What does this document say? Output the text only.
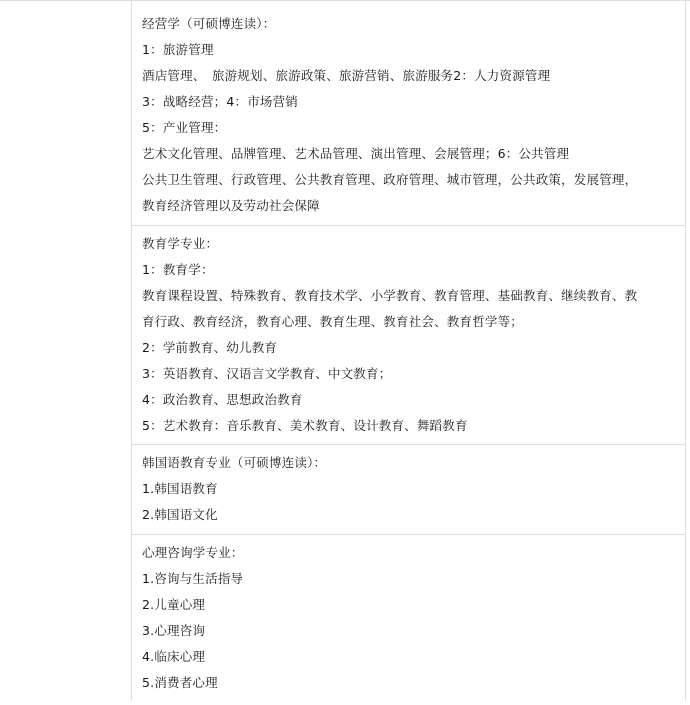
经营学（可硕博连读）：
1：旅游管理
酒店管理、　旅游规划、旅游政策、旅游营销、旅游服务2：人力资源管理
3：战略经营；4：市场营销
5：产业管理：
艺术文化管理、品牌管理、艺术品管理、演出管理、会展管理；6：公共管理
公共卫生管理、行政管理、公共教育管理、政府管理、城市管理，公共政策，发展管理，
教育经济管理以及劳动社会保障
教育学专业：
1：教育学：
教育课程设置、特殊教育、教育技术学、小学教育、教育管理、基础教育、继续教育、教
育行政、教育经济，教育心理、教育生理、教育社会、教育哲学等；
2：学前教育、幼儿教育
3：英语教育、汉语言文学教育、中文教育；
4：政治教育、思想政治教育
5：艺术教育：音乐教育、美术教育、设计教育、舞蹈教育
韩国语教育专业（可硕博连读）：
1.韩国语教育
2.韩国语文化
心理咨询学专业：
1.咨询与生活指导
2.儿童心理
3.心理咨询
4.临床心理
5.消费者心理
